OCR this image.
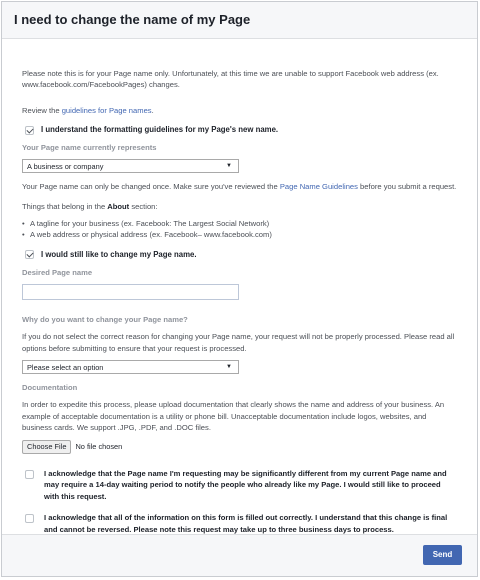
I need to change the name of my Page

Please note this is for your Page name only. Unfortunately, at this time we are unable to support Facebook web address (ex. www.facebook.com/FacebookPages) changes.

Review the guidelines for Page names.

I understand the formatting guidelines for my Page's new name.
Your Page name currently represents
A business or company	▼

Your Page name can only be changed once. Make sure you've reviewed the Page Name Guidelines before you submit a request.

Things that belong in the About section:

• A tagline for your business (ex. Facebook: The Largest Social Network)
• A web address or physical address (ex. Facebook– www.facebook.com)
I would still like to change my Page name.
Desired Page name
Why do you want to change your Page name?

If you do not select the correct reason for changing your Page name, your request will not be properly processed. Please read all options before submitting to ensure that your request is processed.

Please select an option	▼
Documentation

In order to expedite this process, please upload documentation that clearly shows the name and address of your business. An example of acceptable documentation is a utility or phone bill. Unacceptable documentation include logos, websites, and business cards. We support .JPG, .PDF, and .DOC files.

Choose File	No file chosen
I acknowledge that the Page name I'm requesting may be significantly different from my current Page name and may require a 14-day waiting period to notify the people who already like my Page. I would still like to proceed with this request.
I acknowledge that all of the information on this form is filled out correctly. I understand that this change is final and cannot be reversed. Please note this request may take up to three business days to process.
Send
